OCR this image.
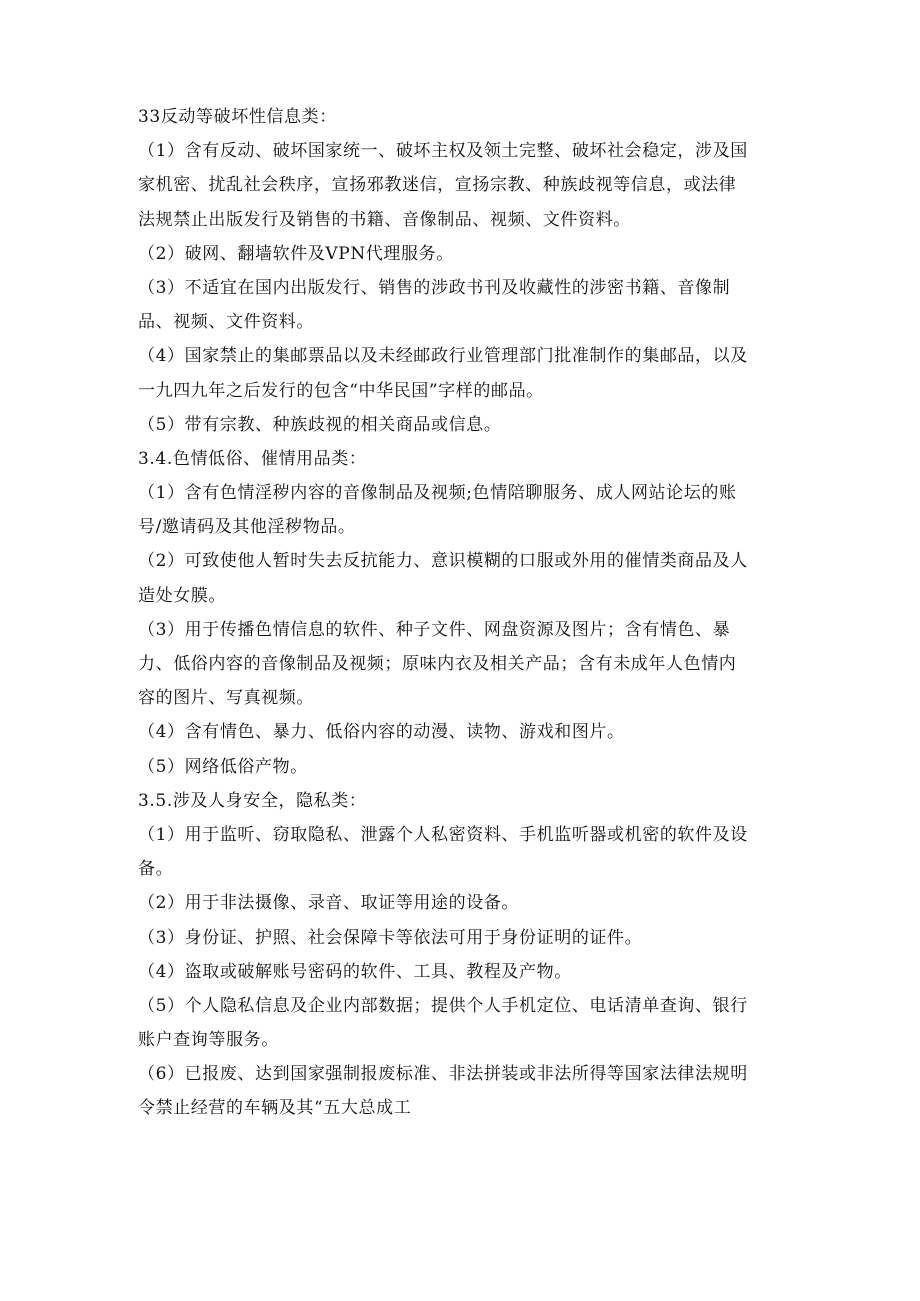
33反动等破坏性信息类：
（1）含有反动、破坏国家统一、破坏主权及领土完整、破坏社会稳定，涉及国
家机密、扰乱社会秩序，宣扬邪教迷信，宣扬宗教、种族歧视等信息，或法律
法规禁止出版发行及销售的书籍、音像制品、视频、文件资料。
（2）破网、翻墙软件及VPN代理服务。
（3）不适宜在国内出版发行、销售的涉政书刊及收藏性的涉密书籍、音像制
品、视频、文件资料。
（4）国家禁止的集邮票品以及未经邮政行业管理部门批准制作的集邮品，以及
一九四九年之后发行的包含“中华民国”字样的邮品。
（5）带有宗教、种族歧视的相关商品或信息。
3.4.色情低俗、催情用品类：
（1）含有色情淫秽内容的音像制品及视频;色情陪聊服务、成人网站论坛的账
号/邀请码及其他淫秽物品。
（2）可致使他人暂时失去反抗能力、意识模糊的口服或外用的催情类商品及人
造处女膜。
（3）用于传播色情信息的软件、种子文件、网盘资源及图片；含有情色、暴
力、低俗内容的音像制品及视频；原味内衣及相关产品；含有未成年人色情内
容的图片、写真视频。
（4）含有情色、暴力、低俗内容的动漫、读物、游戏和图片。
（5）网络低俗产物。
3.5.涉及人身安全，隐私类：
（1）用于监听、窃取隐私、泄露个人私密资料、手机监听器或机密的软件及设
备。
（2）用于非法摄像、录音、取证等用途的设备。
（3）身份证、护照、社会保障卡等依法可用于身份证明的证件。
（4）盗取或破解账号密码的软件、工具、教程及产物。
（5）个人隐私信息及企业内部数据；提供个人手机定位、电话清单查询、银行
账户查询等服务。
（6）已报废、达到国家强制报废标准、非法拼装或非法所得等国家法律法规明
令禁止经营的车辆及其“五大总成工
